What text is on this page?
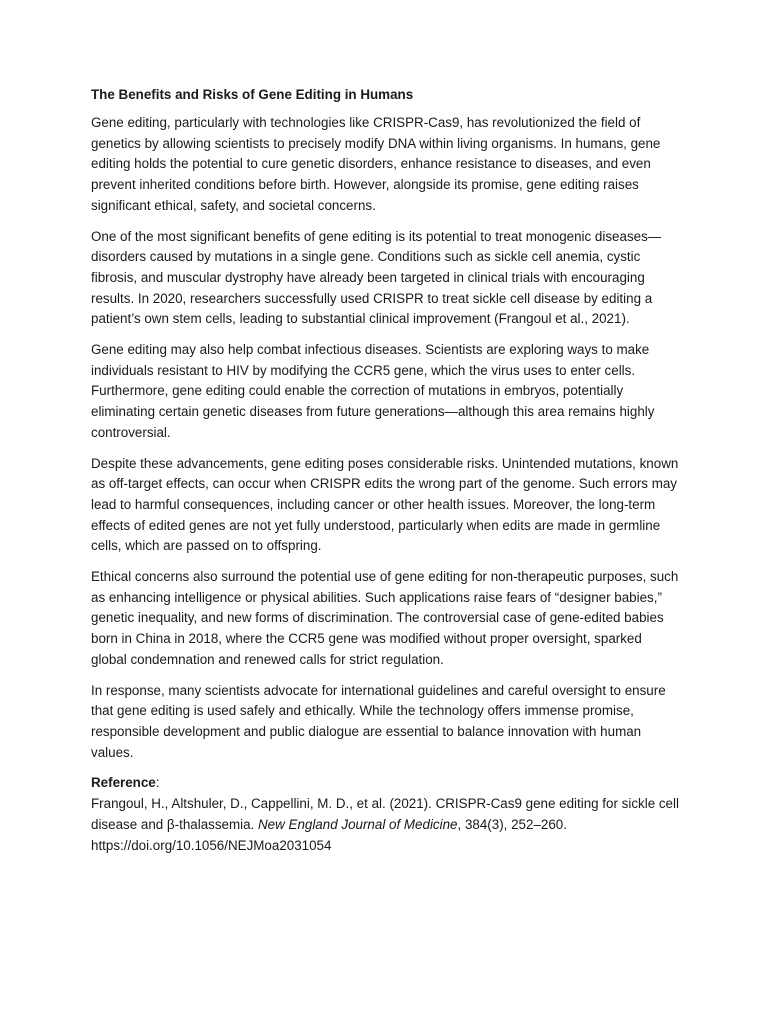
The Benefits and Risks of Gene Editing in Humans

Gene editing, particularly with technologies like CRISPR-Cas9, has revolutionized the field of genetics by allowing scientists to precisely modify DNA within living organisms. In humans, gene editing holds the potential to cure genetic disorders, enhance resistance to diseases, and even prevent inherited conditions before birth. However, alongside its promise, gene editing raises significant ethical, safety, and societal concerns.

One of the most significant benefits of gene editing is its potential to treat monogenic diseases—disorders caused by mutations in a single gene. Conditions such as sickle cell anemia, cystic fibrosis, and muscular dystrophy have already been targeted in clinical trials with encouraging results. In 2020, researchers successfully used CRISPR to treat sickle cell disease by editing a patient’s own stem cells, leading to substantial clinical improvement (Frangoul et al., 2021).

Gene editing may also help combat infectious diseases. Scientists are exploring ways to make individuals resistant to HIV by modifying the CCR5 gene, which the virus uses to enter cells. Furthermore, gene editing could enable the correction of mutations in embryos, potentially eliminating certain genetic diseases from future generations—although this area remains highly controversial.

Despite these advancements, gene editing poses considerable risks. Unintended mutations, known as off-target effects, can occur when CRISPR edits the wrong part of the genome. Such errors may lead to harmful consequences, including cancer or other health issues. Moreover, the long-term effects of edited genes are not yet fully understood, particularly when edits are made in germline cells, which are passed on to offspring.

Ethical concerns also surround the potential use of gene editing for non-therapeutic purposes, such as enhancing intelligence or physical abilities. Such applications raise fears of “designer babies,” genetic inequality, and new forms of discrimination. The controversial case of gene-edited babies born in China in 2018, where the CCR5 gene was modified without proper oversight, sparked global condemnation and renewed calls for strict regulation.

In response, many scientists advocate for international guidelines and careful oversight to ensure that gene editing is used safely and ethically. While the technology offers immense promise, responsible development and public dialogue are essential to balance innovation with human values.

Reference:

Frangoul, H., Altshuler, D., Cappellini, M. D., et al. (2021). CRISPR-Cas9 gene editing for sickle cell disease and β-thalassemia. New England Journal of Medicine, 384(3), 252–260. https://doi.org/10.1056/NEJMoa2031054
